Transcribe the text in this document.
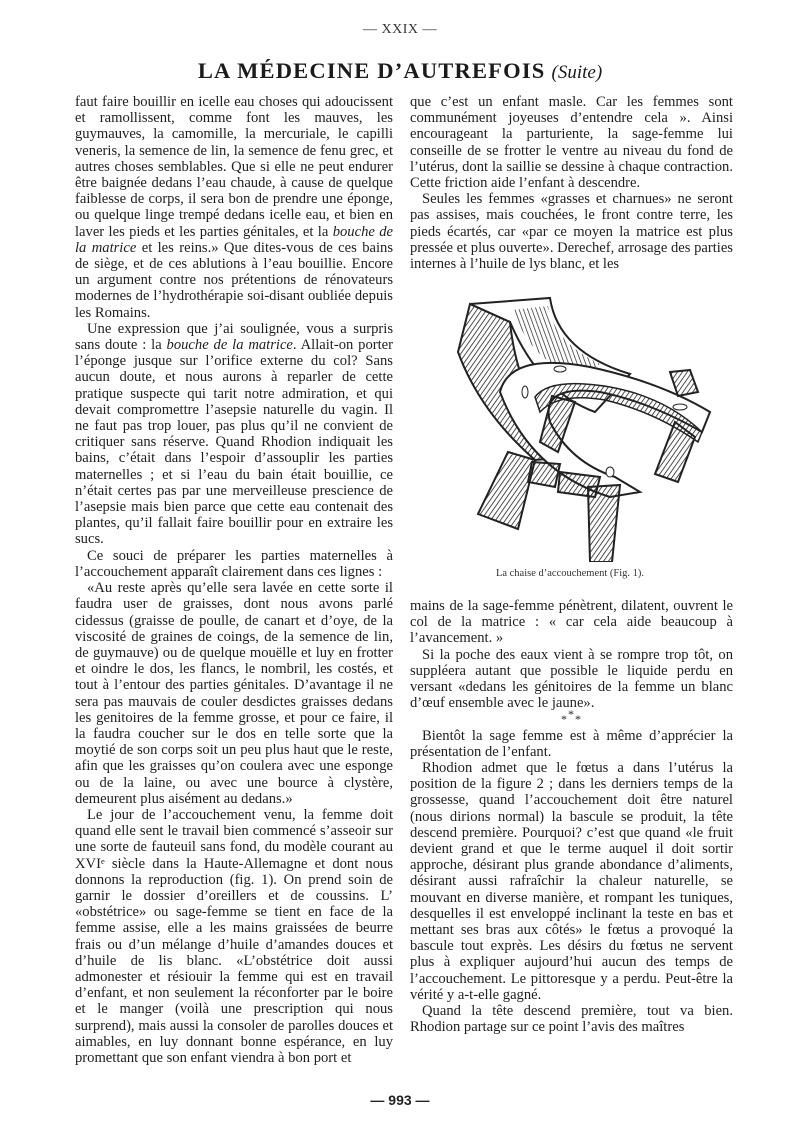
— XXIX —
LA MÉDECINE D’AUTREFOIS (Suite)

faut faire bouillir en icelle eau choses qui adoucissent et ramollissent, comme font les mauves, les guymauves, la camomille, la mercuriale, le capilli veneris, la semence de lin, la semence de fenu grec, et autres choses semblables. Que si elle ne peut endurer être baignée dedans l’eau chaude, à cause de quelque faiblesse de corps, il sera bon de prendre une éponge, ou quelque linge trempé dedans icelle eau, et bien en laver les pieds et les parties génitales, et la bouche de la matrice et les reins.» Que dites-vous de ces bains de siège, et de ces ablutions à l’eau bouillie. Encore un argument contre nos prétentions de rénovateurs modernes de l’hydrothérapie soi-disant oubliée depuis les Romains.

Une expression que j’ai soulignée, vous a surpris sans doute : la bouche de la matrice. Allait-on porter l’éponge jusque sur l’orifice externe du col? Sans aucun doute, et nous aurons à reparler de cette pratique suspecte qui tarit notre admiration, et qui devait compromettre l’asepsie naturelle du vagin. Il ne faut pas trop louer, pas plus qu’il ne convient de critiquer sans réserve. Quand Rhodion indiquait les bains, c’était dans l’espoir d’assouplir les parties maternelles ; et si l’eau du bain était bouillie, ce n’était certes pas par une merveilleuse prescience de l’asepsie mais bien parce que cette eau contenait des plantes, qu’il fallait faire bouillir pour en extraire les sucs.

Ce souci de préparer les parties maternelles à l’accouchement apparaît clairement dans ces lignes :

«Au reste après qu’elle sera lavée en cette sorte il faudra user de graisses, dont nous avons parlé cidessus (graisse de poulle, de canart et d’oye, de la viscosité de graines de coings, de la semence de lin, de guymauve) ou de quelque mouëlle et luy en frotter et oindre le dos, les flancs, le nombril, les costés, et tout à l’entour des parties génitales. D’avantage il ne sera pas mauvais de couler desdictes graisses dedans les genitoires de la femme grosse, et pour ce faire, il la faudra coucher sur le dos en telle sorte que la moytié de son corps soit un peu plus haut que le reste, afin que les graisses qu’on coulera avec une esponge ou de la laine, ou avec une bource à clystère, demeurent plus aisément au dedans.»

Le jour de l’accouchement venu, la femme doit quand elle sent le travail bien commencé s’asseoir sur une sorte de fauteuil sans fond, du modèle courant au XVIᵉ siècle dans la Haute-Allemagne et dont nous donnons la reproduction (fig. 1). On prend soin de garnir le dossier d’oreillers et de coussins. L’ «obstétrice» ou sage-femme se tient en face de la femme assise, elle a les mains graissées de beurre frais ou d’un mélange d’huile d’amandes douces et d’huile de lis blanc. «L’obstétrice doit aussi admonester et résiouir la femme qui est en travail d’enfant, et non seulement la réconforter par le boire et le manger (voilà une prescription qui nous surprend), mais aussi la consoler de parolles douces et aimables, en luy donnant bonne espérance, en luy promettant que son enfant viendra à bon port et

que c’est un enfant masle. Car les femmes sont communément joyeuses d’entendre cela ». Ainsi encourageant la parturiente, la sage-femme lui conseille de se frotter le ventre au niveau du fond de l’utérus, dont la saillie se dessine à chaque contraction. Cette friction aide l’enfant à descendre.

Seules les femmes «grasses et charnues» ne seront pas assises, mais couchées, le front contre terre, les pieds écartés, car «par ce moyen la matrice est plus pressée et plus ouverte». Derechef, arrosage des parties internes à l’huile de lys blanc, et les

La chaise d’accouchement (Fig. 1).

mains de la sage-femme pénètrent, dilatent, ouvrent le col de la matrice : « car cela aide beaucoup à l’avancement. »

Si la poche des eaux vient à se rompre trop tôt, on suppléera autant que possible le liquide perdu en versant «dedans les génitoires de la femme un blanc d’œuf ensemble avec le jaune».

***

Bientôt la sage femme est à même d’apprécier la présentation de l’enfant.

Rhodion admet que le fœtus a dans l’utérus la position de la figure 2 ; dans les derniers temps de la grossesse, quand l’accouchement doit être naturel (nous dirions normal) la bascule se produit, la tête descend première. Pourquoi? c’est que quand «le fruit devient grand et que le terme auquel il doit sortir approche, désirant plus grande abondance d’aliments, désirant aussi rafraîchir la chaleur naturelle, se mouvant en diverse manière, et rompant les tuniques, desquelles il est enveloppé inclinant la teste en bas et mettant ses bras aux côtés» le fœtus a provoqué la bascule tout exprès. Les désirs du fœtus ne servent plus à expliquer aujourd’hui aucun des temps de l’accouchement. Le pittoresque y a perdu. Peut-être la vérité y a-t-elle gagné.

Quand la tête descend première, tout va bien. Rhodion partage sur ce point l’avis des maîtres

— 993 —
